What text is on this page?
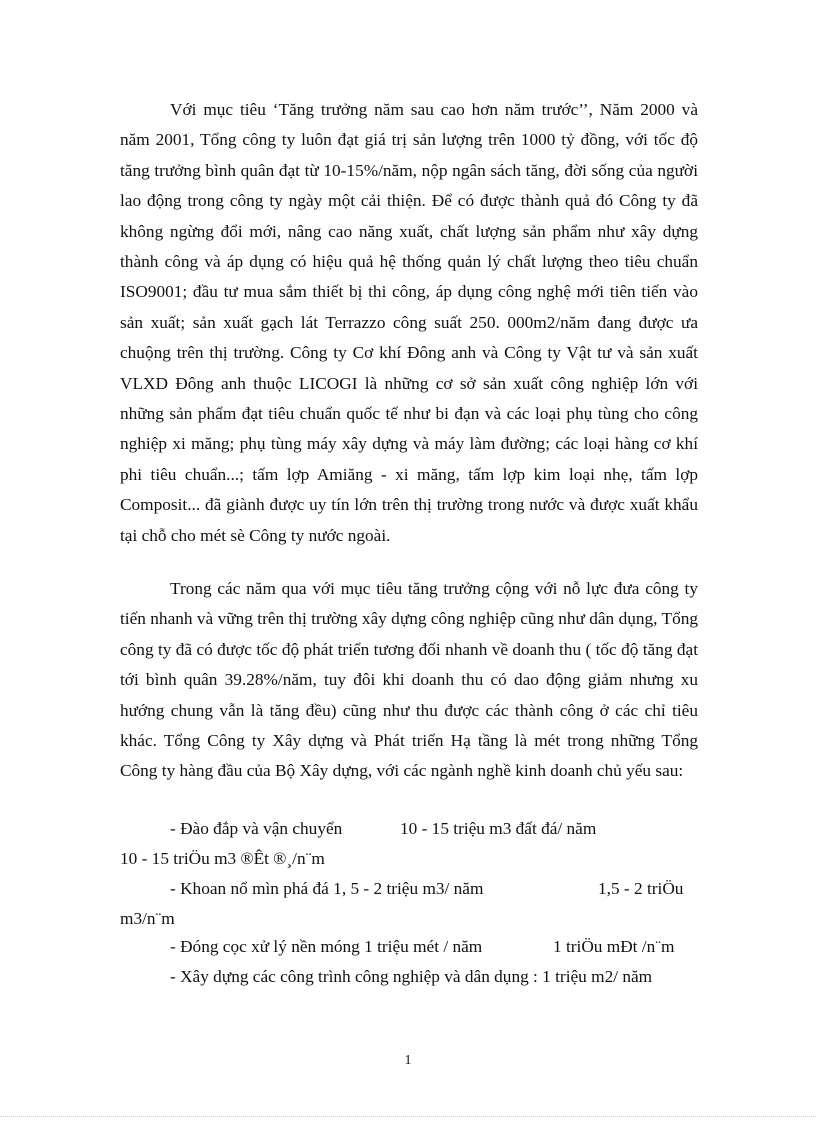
Với mục tiêu ‘Tăng trưởng năm sau cao hơn năm trước’’, Năm 2000 và năm 2001, Tổng công ty luôn đạt giá trị sản lượng trên 1000 tỷ đồng, với tốc độ tăng trưởng bình quân đạt từ 10-15%/năm, nộp ngân sách tăng, đời sống của người lao động trong công ty ngày một cải thiện. Để có được thành quả đó Công ty đã không ngừng đổi mới, nâng cao năng xuất, chất lượng sản phẩm như xây dựng thành công và áp dụng có hiệu quả hệ thống quản lý chất lượng theo tiêu chuẩn ISO9001; đầu tư mua sắm thiết bị thi công, áp dụng công nghệ mới tiên tiến vào sản xuất; sản xuất gạch lát Terrazzo công suất 250. 000m2/năm đang được ưa chuộng trên thị trường. Công ty Cơ khí Đông anh và Công ty Vật tư và sản xuất VLXD Đông anh thuộc LICOGI là những cơ sở sản xuất công nghiệp lớn với những sản phẩm đạt tiêu chuẩn quốc tế như bi đạn và các loại phụ tùng cho công nghiệp xi măng; phụ tùng máy xây dựng và máy làm đường; các loại hàng cơ khí phi tiêu chuẩn...; tấm lợp Amiăng - xi măng, tấm lợp kim loại nhẹ, tấm lợp Composit... đã giành được uy tín lớn trên thị trường trong nước và được xuất khẩu tại chỗ cho mét sè Công ty nước ngoài.

Trong các năm qua với mục tiêu tăng trưởng cộng với nỗ lực đưa công ty tiến nhanh và vững trên thị trường xây dựng công nghiệp cũng như dân dụng, Tổng công ty đã có được tốc độ phát triển tương đối nhanh về doanh thu ( tốc độ tăng đạt tới bình quân 39.28%/năm, tuy đôi khi doanh thu có dao động giảm nhưng xu hướng chung vẫn là tăng đều) cũng như thu được các thành công ở các chỉ tiêu khác. Tổng Công ty Xây dựng và Phát triển Hạ tầng là mét trong những Tổng Công ty hàng đầu của Bộ Xây dựng, với các ngành nghề kinh doanh chủ yếu sau:

- Đào đắp và vận chuyển	10 - 15 triệu m3 đất đá/ năm
10 - 15 triÖu m3 ®Êt ®¸/n¨m
- Khoan nổ mìn phá đá 1, 5 - 2 triệu m3/ năm	1,5 - 2 triÖu
m3/n¨m
- Đóng cọc xử lý nền móng 1 triệu mét / năm	1 triÖu mÐt /n¨m
- Xây dựng các công trình công nghiệp và dân dụng : 1 triệu m2/ năm
1
